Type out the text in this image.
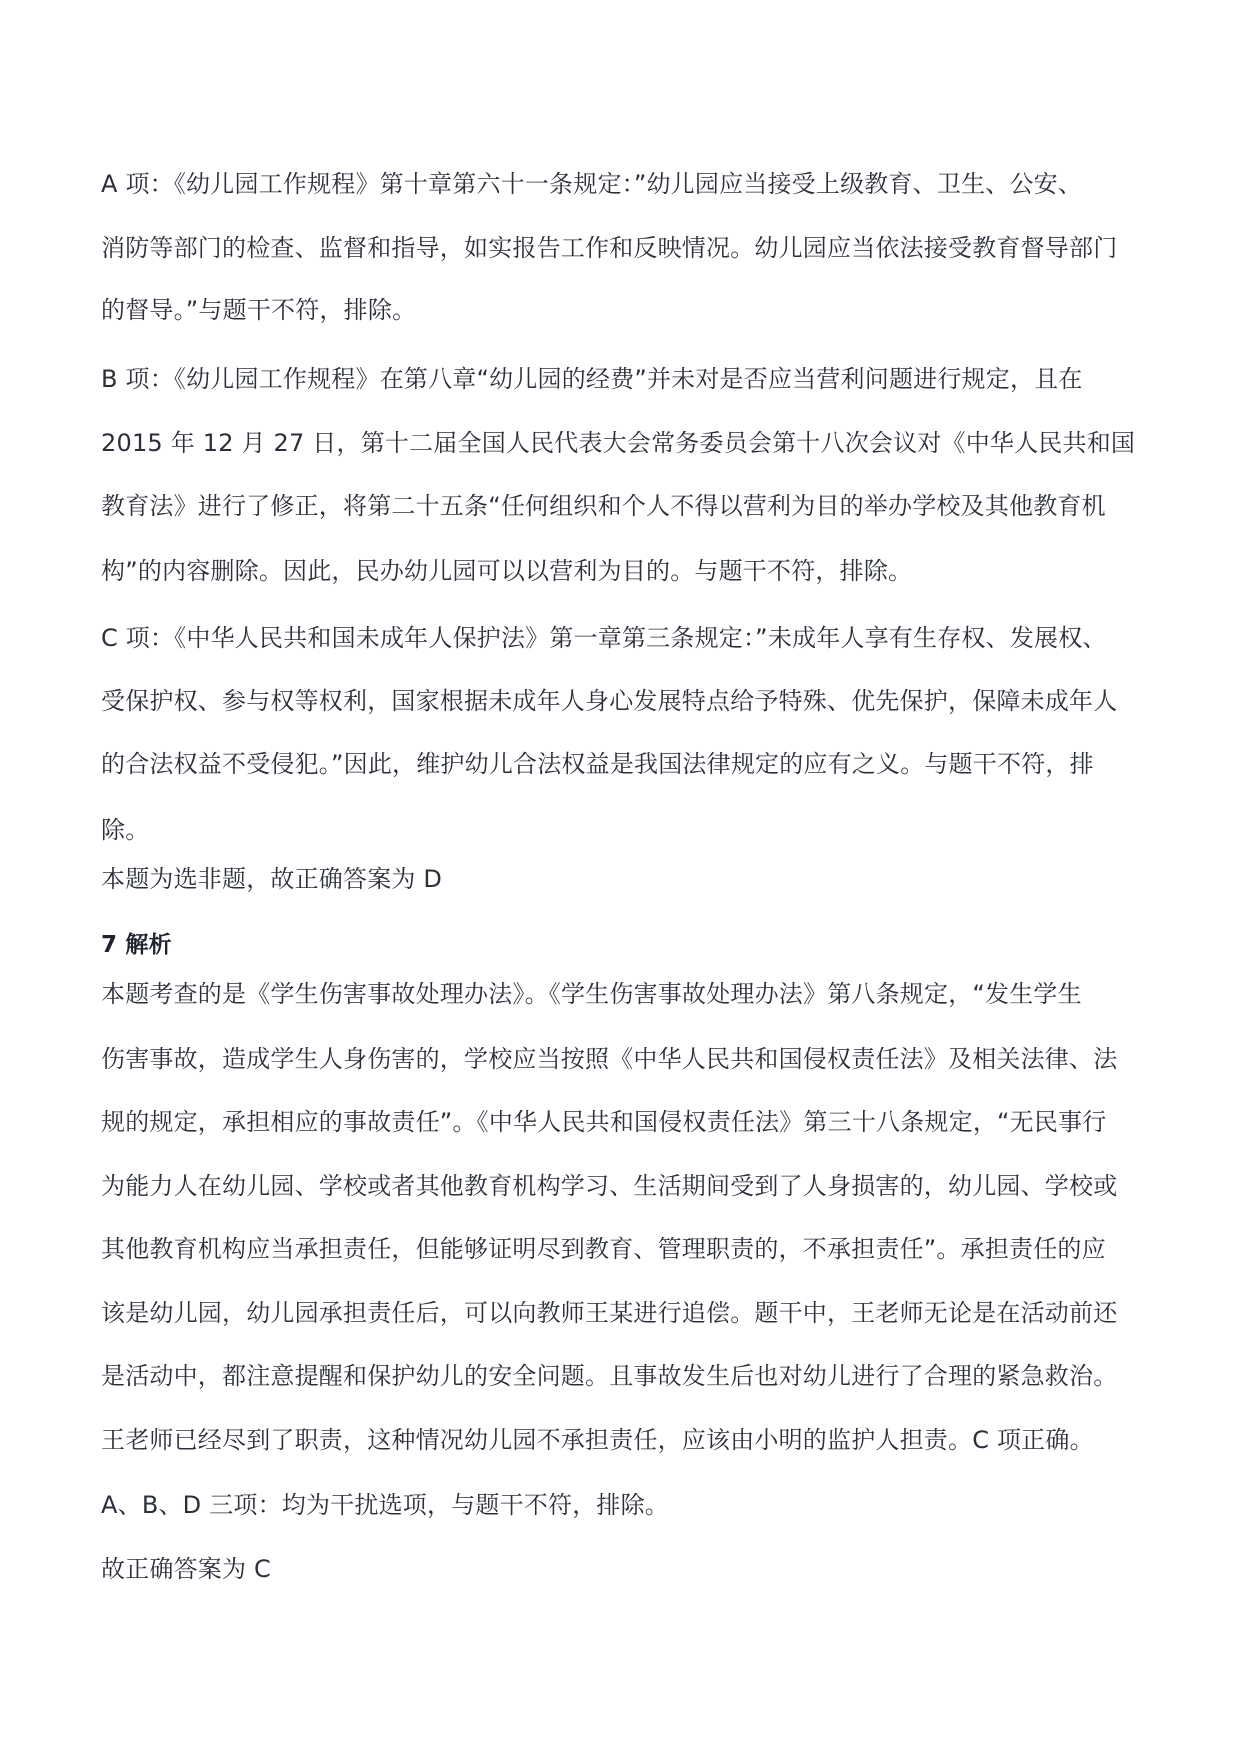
A 项：《幼儿园工作规程》第十章第六十一条规定：”幼儿园应当接受上级教育、卫生、公安、
消防等部门的检查、监督和指导，如实报告工作和反映情况。幼儿园应当依法接受教育督导部门
的督导。”与题干不符，排除。
B 项：《幼儿园工作规程》在第八章“幼儿园的经费”并未对是否应当营利问题进行规定，且在
2015 年 12 月 27 日，第十二届全国人民代表大会常务委员会第十八次会议对《中华人民共和国
教育法》进行了修正，将第二十五条“任何组织和个人不得以营利为目的举办学校及其他教育机
构”的内容删除。因此，民办幼儿园可以以营利为目的。与题干不符，排除。
C 项：《中华人民共和国未成年人保护法》第一章第三条规定：”未成年人享有生存权、发展权、
受保护权、参与权等权利，国家根据未成年人身心发展特点给予特殊、优先保护，保障未成年人
的合法权益不受侵犯。”因此，维护幼儿合法权益是我国法律规定的应有之义。与题干不符，排
除。
本题为选非题，故正确答案为 D
7 解析
本题考查的是《学生伤害事故处理办法》。《学生伤害事故处理办法》第八条规定，“发生学生
伤害事故，造成学生人身伤害的，学校应当按照《中华人民共和国侵权责任法》及相关法律、法
规的规定，承担相应的事故责任”。《中华人民共和国侵权责任法》第三十八条规定，“无民事行
为能力人在幼儿园、学校或者其他教育机构学习、生活期间受到了人身损害的，幼儿园、学校或
其他教育机构应当承担责任，但能够证明尽到教育、管理职责的，不承担责任”。承担责任的应
该是幼儿园，幼儿园承担责任后，可以向教师王某进行追偿。题干中，王老师无论是在活动前还
是活动中，都注意提醒和保护幼儿的安全问题。且事故发生后也对幼儿进行了合理的紧急救治。
王老师已经尽到了职责，这种情况幼儿园不承担责任，应该由小明的监护人担责。C 项正确。
A、B、D 三项：均为干扰选项，与题干不符，排除。
故正确答案为 C
